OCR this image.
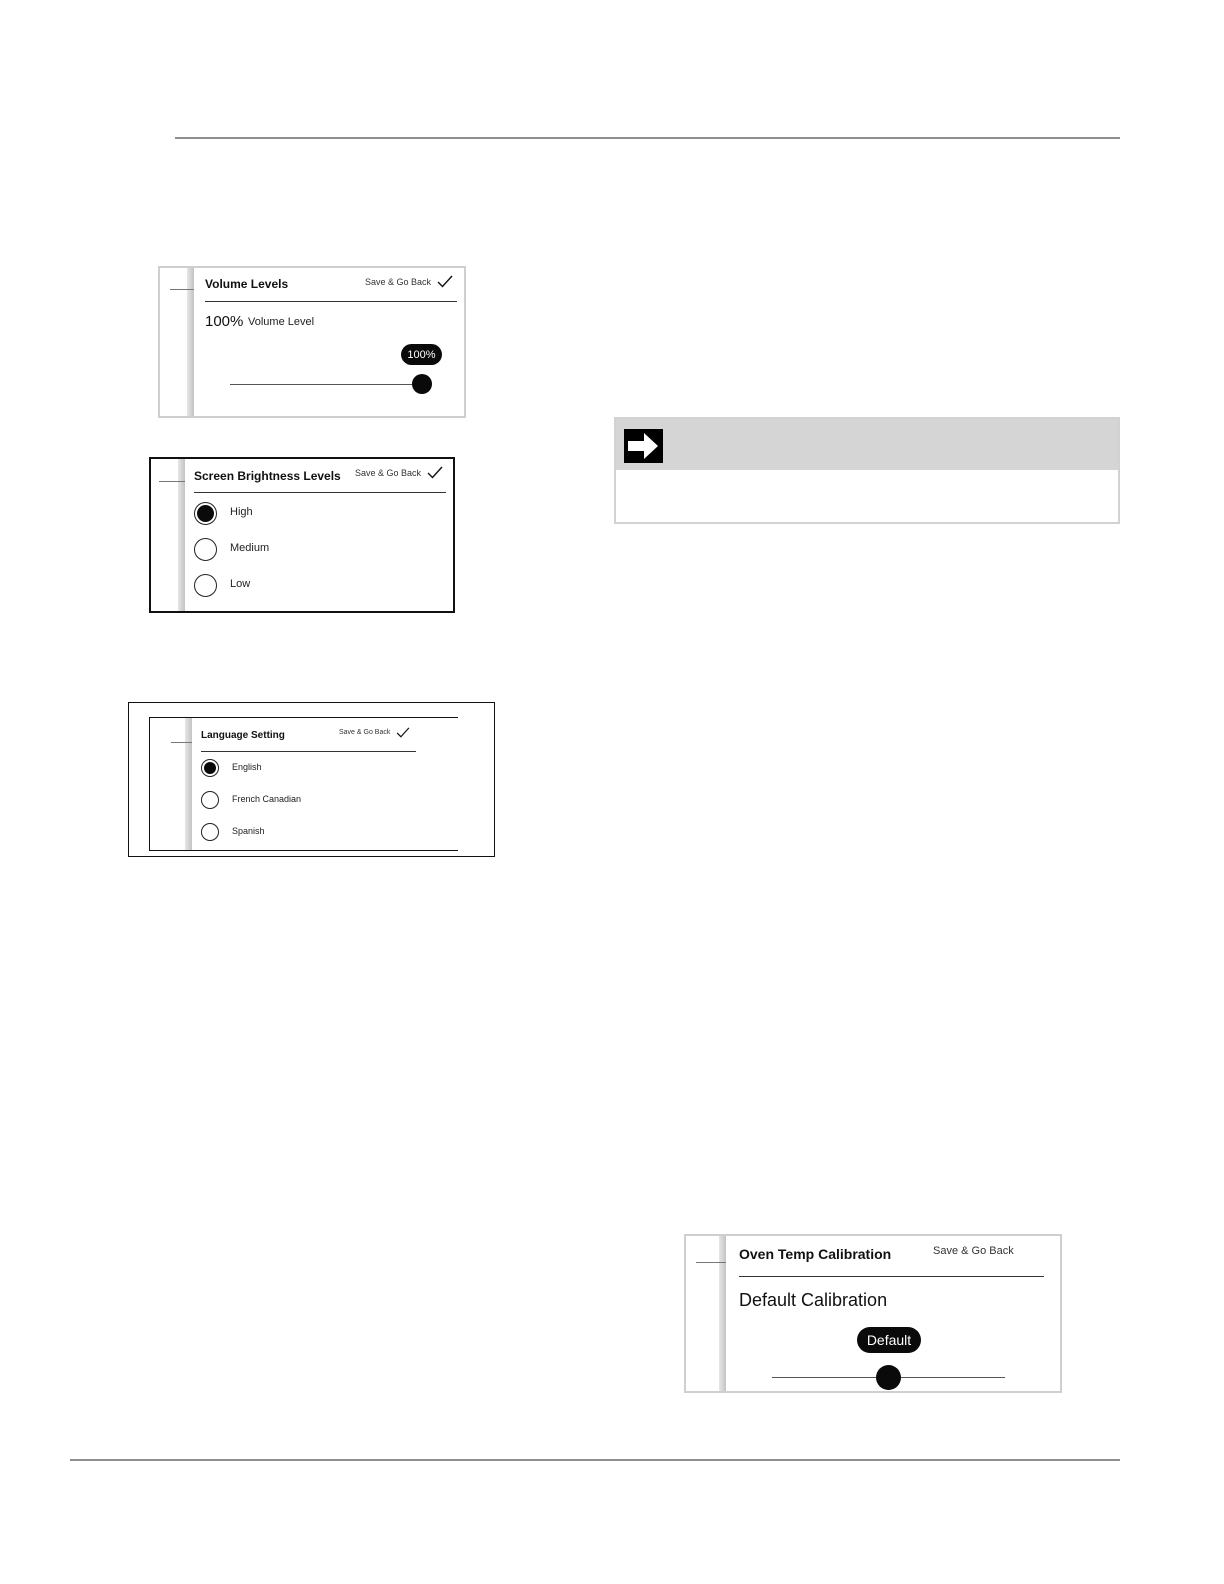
Volume Levels	Save & Go Back
100% Volume Level
100%
Screen Brightness Levels Save & Go Back
High
Medium
Low
Language Setting	Save & Go Back
English
French Canadian
Spanish
Oven Temp Calibration	Save & Go Back
Default Calibration
Default
